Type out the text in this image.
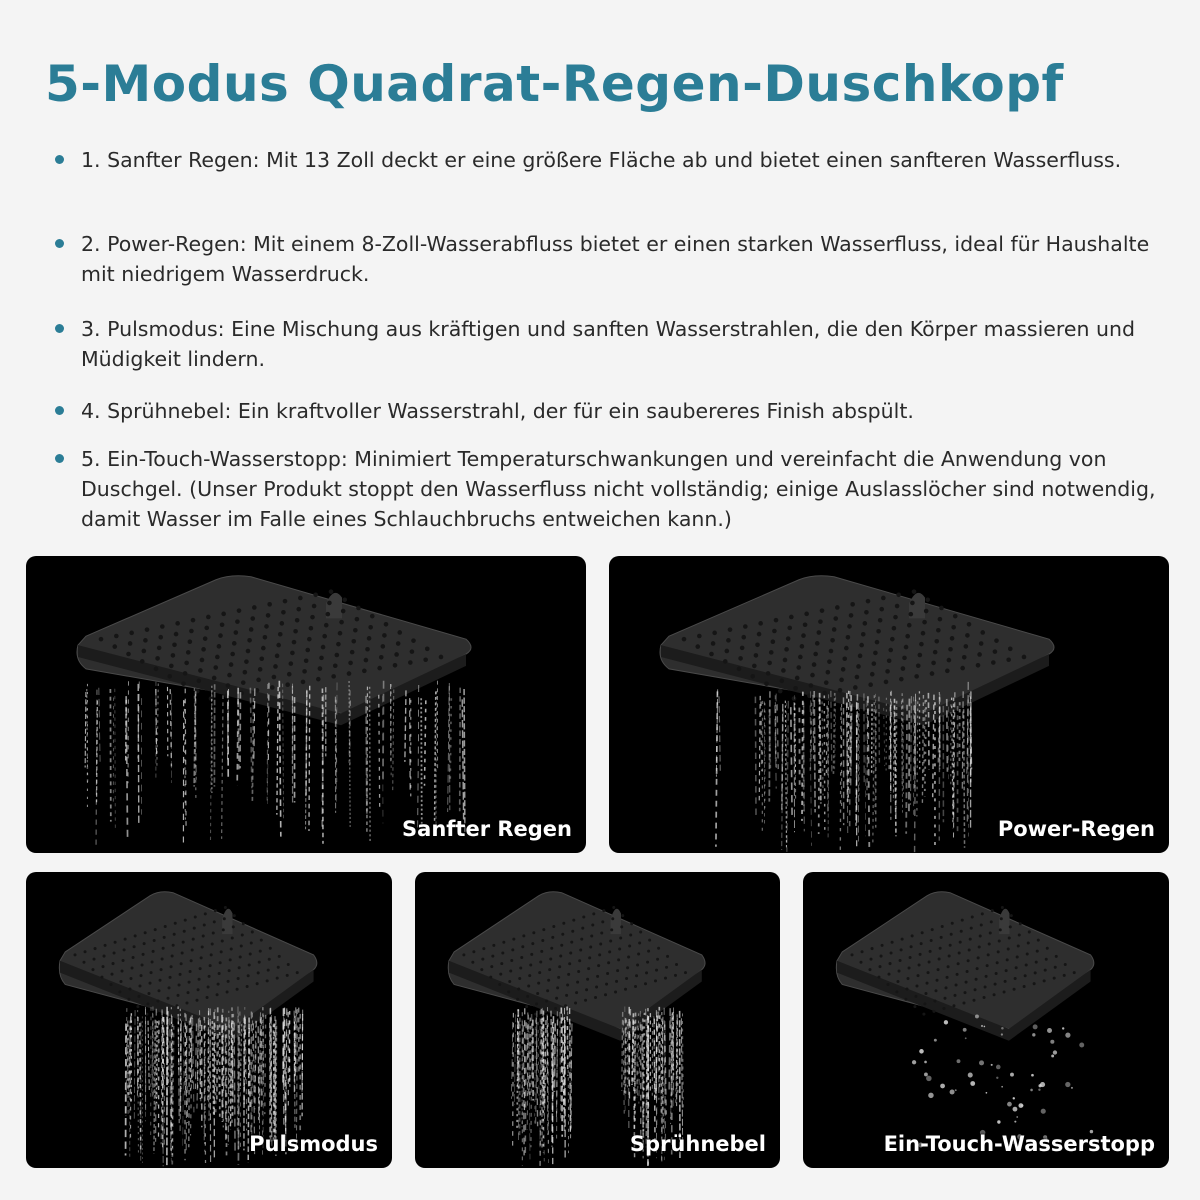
5-Modus Quadrat-Regen-Duschkopf
1. Sanfter Regen: Mit 13 Zoll deckt er eine größere Fläche ab und bietet einen sanfteren Wasserfluss.
2. Power-Regen: Mit einem 8-Zoll-Wasserabfluss bietet er einen starken Wasserfluss, ideal für Haushalte mit niedrigem Wasserdruck.
3. Pulsmodus: Eine Mischung aus kräftigen und sanften Wasserstrahlen, die den Körper massieren und Müdigkeit lindern.
4. Sprühnebel: Ein kraftvoller Wasserstrahl, der für ein saubereres Finish abspült.
5. Ein-Touch-Wasserstopp: Minimiert Temperaturschwankungen und vereinfacht die Anwendung von Duschgel. (Unser Produkt stoppt den Wasserfluss nicht vollständig; einige Auslasslöcher sind notwendig, damit Wasser im Falle eines Schlauchbruchs entweichen kann.)
Sanfter Regen	Power-Regen
Pulsmodus	Sprühnebel	Ein-Touch-Wasserstopp
